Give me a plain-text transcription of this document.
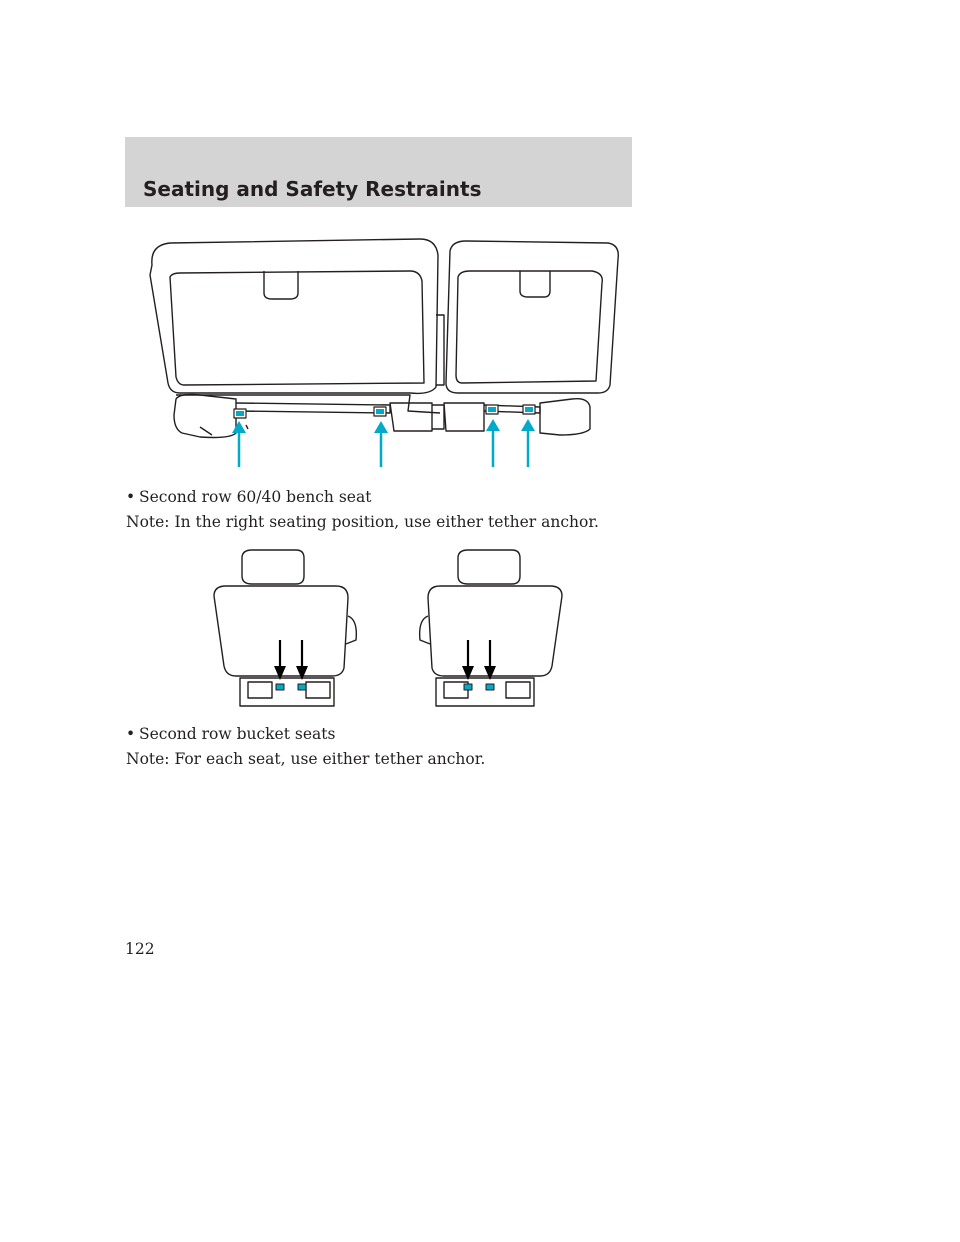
Seating and Safety Restraints
• Second row 60/40 bench seat
Note: In the right seating position, use either tether anchor.
• Second row bucket seats
Note: For each seat, use either tether anchor.
122
